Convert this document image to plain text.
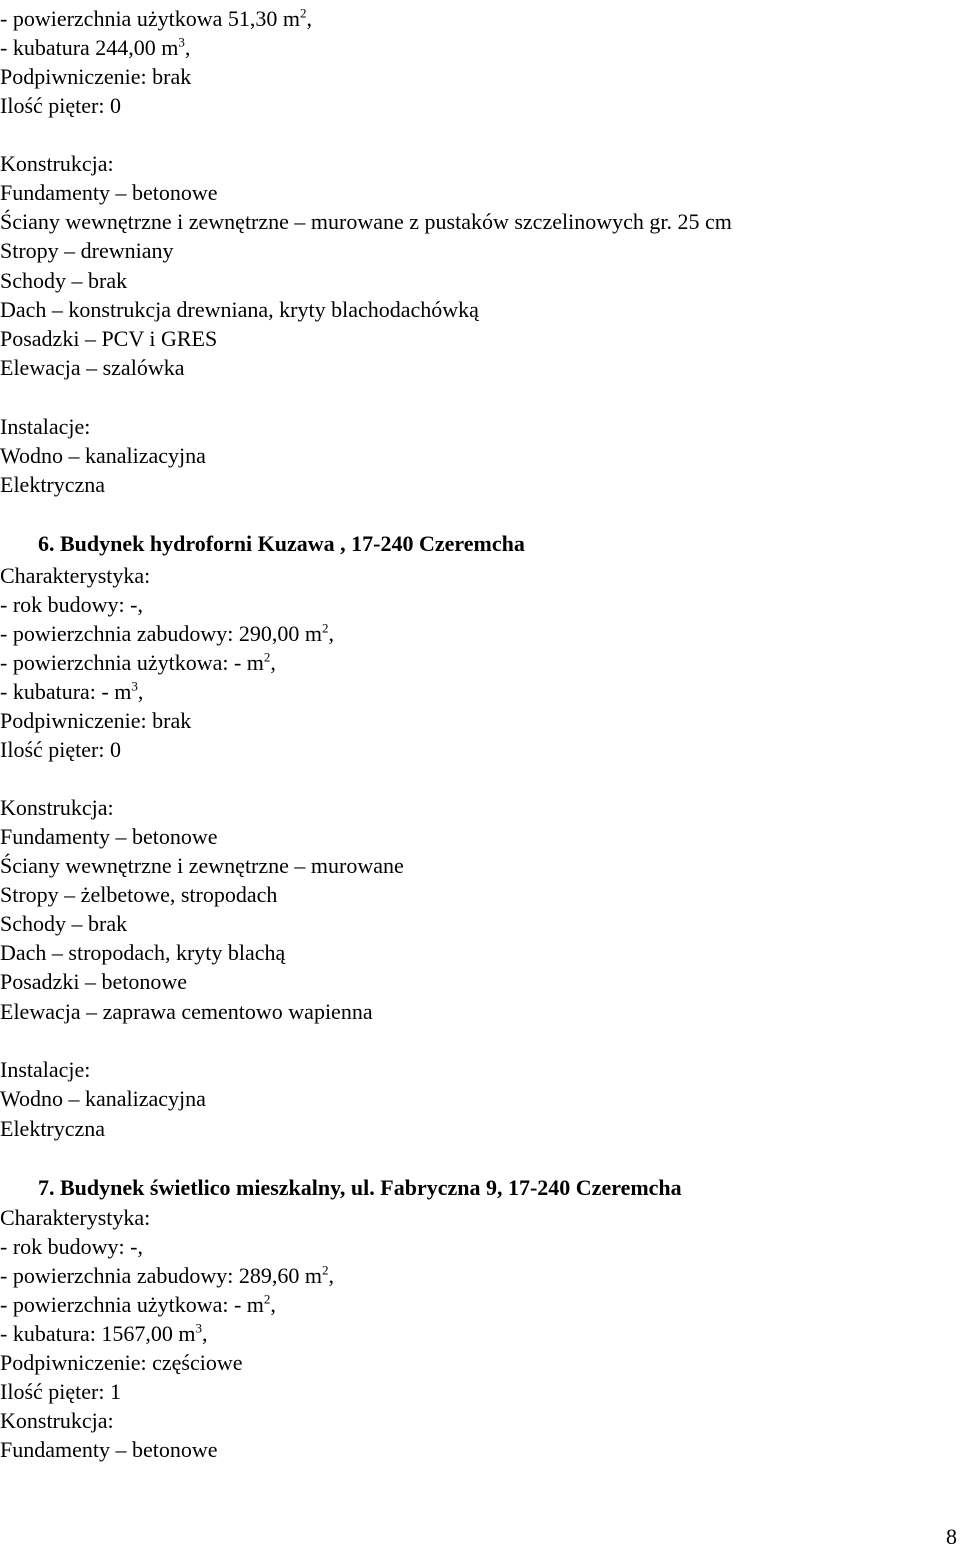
- powierzchnia użytkowa 51,30 $m^2$,
- kubatura 244,00 $m^3$,
Podpiwniczenie: brak
Ilość pięter: 0
Konstrukcja:
Fundamenty – betonowe
Ściany wewnętrzne i zewnętrzne – murowane z pustaków szczelinowych gr. 25 cm
Stropy – drewniany
Schody – brak
Dach – konstrukcja drewniana, kryty blachodachówką
Posadzki – PCV i GRES
Elewacja – szalówka
Instalacje:
Wodno – kanalizacyjna
Elektryczna
6. Budynek hydroforni Kuzawa , 17-240 Czeremcha
Charakterystyka:
- rok budowy: -,
- powierzchnia zabudowy: 290,00 $m^2$,
- powierzchnia użytkowa: - $m^2$,
- kubatura: - $m^3$,
Podpiwniczenie: brak
Ilość pięter: 0
Konstrukcja:
Fundamenty – betonowe
Ściany wewnętrzne i zewnętrzne – murowane
Stropy – żelbetowe, stropodach
Schody – brak
Dach – stropodach, kryty blachą
Posadzki – betonowe
Elewacja – zaprawa cementowo wapienna
Instalacje:
Wodno – kanalizacyjna
Elektryczna
7. Budynek świetlico mieszkalny, ul. Fabryczna 9, 17-240 Czeremcha
Charakterystyka:
- rok budowy: -,
- powierzchnia zabudowy: 289,60 $m^2$,
- powierzchnia użytkowa: - $m^2$,
- kubatura: 1567,00 $m^3$,
Podpiwniczenie: częściowe
Ilość pięter: 1
Konstrukcja:
Fundamenty – betonowe
8
